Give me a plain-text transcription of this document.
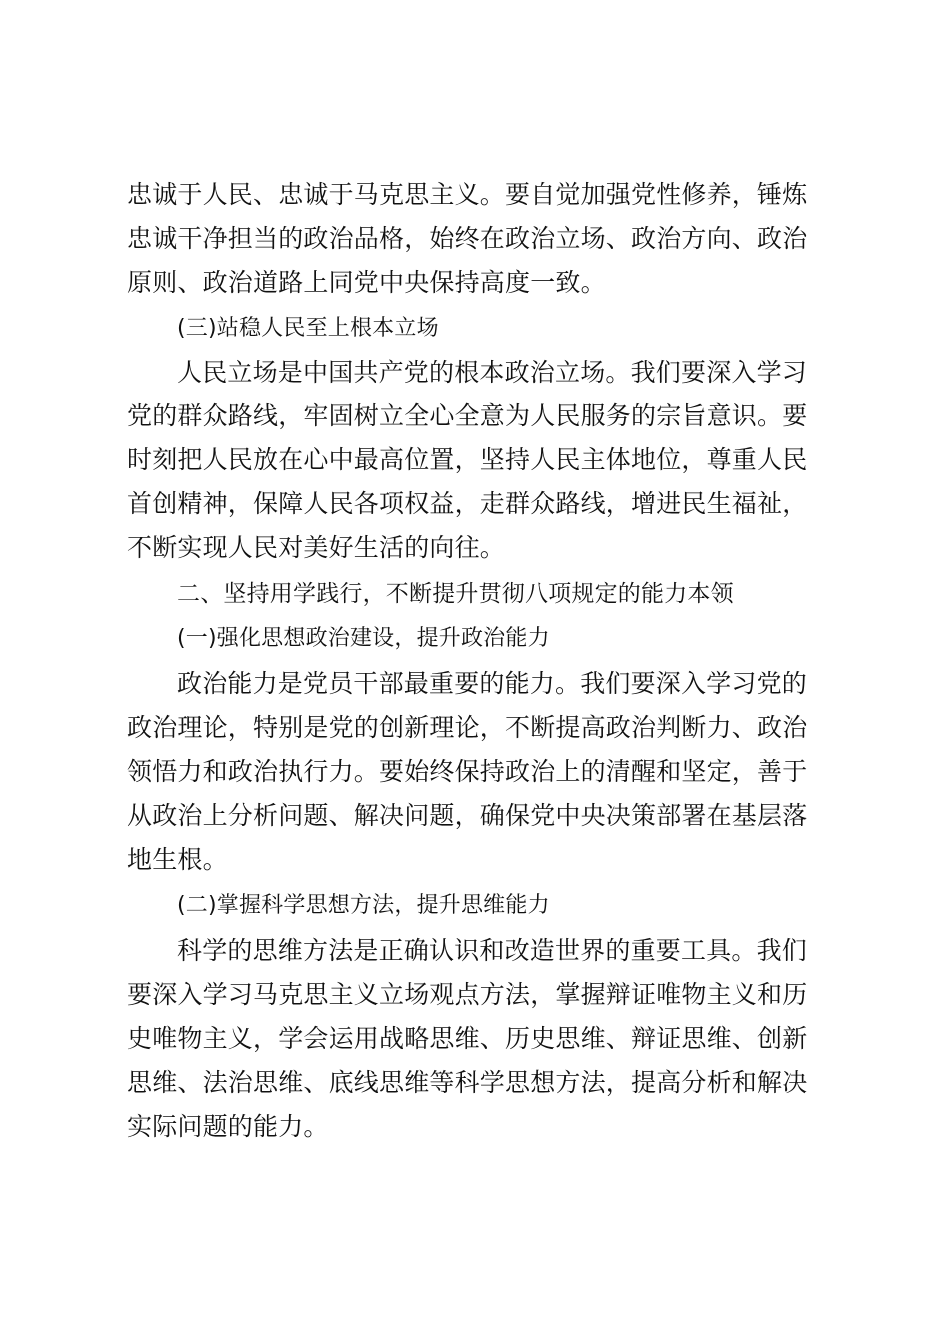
忠诚于人民、忠诚于马克思主义。要自觉加强党性修养，锤炼
忠诚干净担当的政治品格，始终在政治立场、政治方向、政治
原则、政治道路上同党中央保持高度一致。
(三)站稳人民至上根本立场
人民立场是中国共产党的根本政治立场。我们要深入学习
党的群众路线，牢固树立全心全意为人民服务的宗旨意识。要
时刻把人民放在心中最高位置，坚持人民主体地位，尊重人民
首创精神，保障人民各项权益，走群众路线，增进民生福祉，
不断实现人民对美好生活的向往。
二、坚持用学践行，不断提升贯彻八项规定的能力本领
(一)强化思想政治建设，提升政治能力
政治能力是党员干部最重要的能力。我们要深入学习党的
政治理论，特别是党的创新理论，不断提高政治判断力、政治
领悟力和政治执行力。要始终保持政治上的清醒和坚定，善于
从政治上分析问题、解决问题，确保党中央决策部署在基层落
地生根。
(二)掌握科学思想方法，提升思维能力
科学的思维方法是正确认识和改造世界的重要工具。我们
要深入学习马克思主义立场观点方法，掌握辩证唯物主义和历
史唯物主义，学会运用战略思维、历史思维、辩证思维、创新
思维、法治思维、底线思维等科学思想方法，提高分析和解决
实际问题的能力。
